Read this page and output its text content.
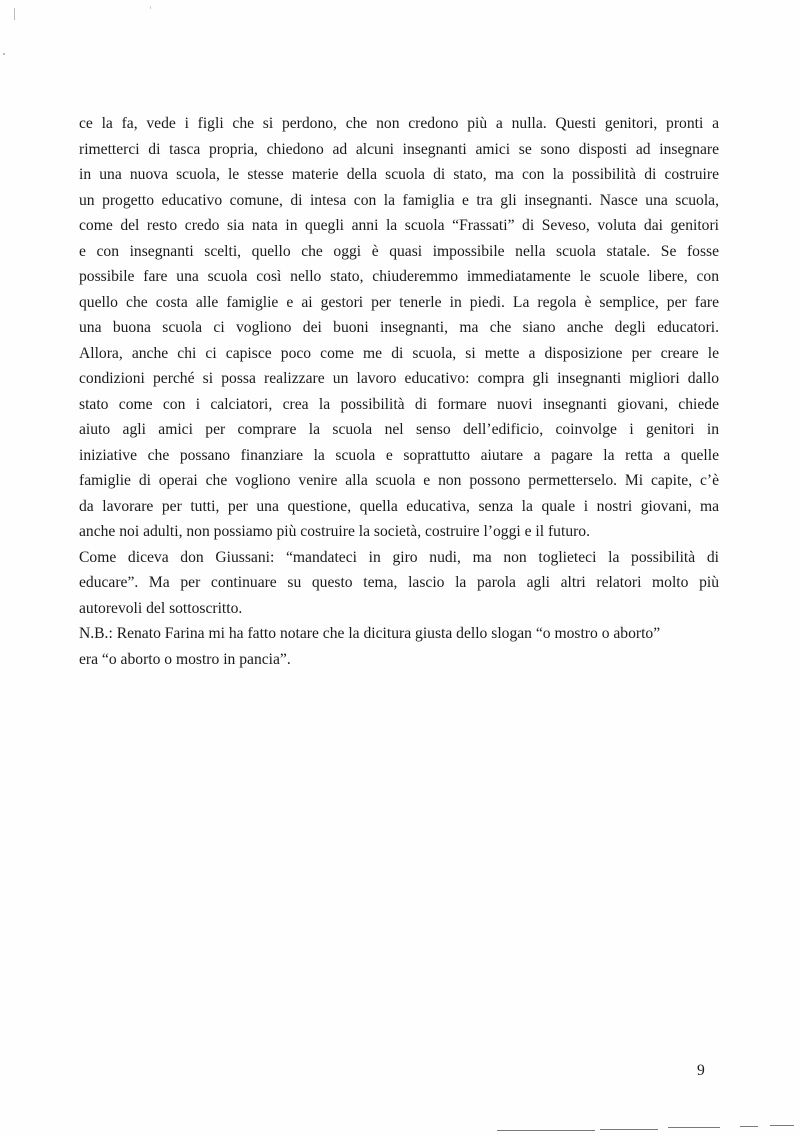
ce la fa, vede i figli che si perdono, che non credono più a nulla. Questi genitori, pronti a
rimetterci di tasca propria, chiedono ad alcuni insegnanti amici se sono disposti ad insegnare
in una nuova scuola, le stesse materie della scuola di stato, ma con la possibilità di costruire
un progetto educativo comune, di intesa con la famiglia e tra gli insegnanti. Nasce una scuola,
come del resto credo sia nata in quegli anni la scuola “Frassati” di Seveso, voluta dai genitori
e con insegnanti scelti, quello che oggi è quasi impossibile nella scuola statale. Se fosse
possibile fare una scuola così nello stato, chiuderemmo immediatamente le scuole libere, con
quello che costa alle famiglie e ai gestori per tenerle in piedi. La regola è semplice, per fare
una buona scuola ci vogliono dei buoni insegnanti, ma che siano anche degli educatori.
Allora, anche chi ci capisce poco come me di scuola, si mette a disposizione per creare le
condizioni perché si possa realizzare un lavoro educativo: compra gli insegnanti migliori dallo
stato come con i calciatori, crea la possibilità di formare nuovi insegnanti giovani, chiede
aiuto agli amici per comprare la scuola nel senso dell’edificio, coinvolge i genitori in
iniziative che possano finanziare la scuola e soprattutto aiutare a pagare la retta a quelle
famiglie di operai che vogliono venire alla scuola e non possono permetterselo. Mi capite, c’è
da lavorare per tutti, per una questione, quella educativa, senza la quale i nostri giovani, ma
anche noi adulti, non possiamo più costruire la società, costruire l’oggi e il futuro.

Come diceva don Giussani: “mandateci in giro nudi, ma non toglieteci la possibilità di
educare”. Ma per continuare su questo tema, lascio la parola agli altri relatori molto più
autorevoli del sottoscritto.

N.B.: Renato Farina mi ha fatto notare che la dicitura giusta dello slogan “o mostro o aborto”
era “o aborto o mostro in pancia”.

9
